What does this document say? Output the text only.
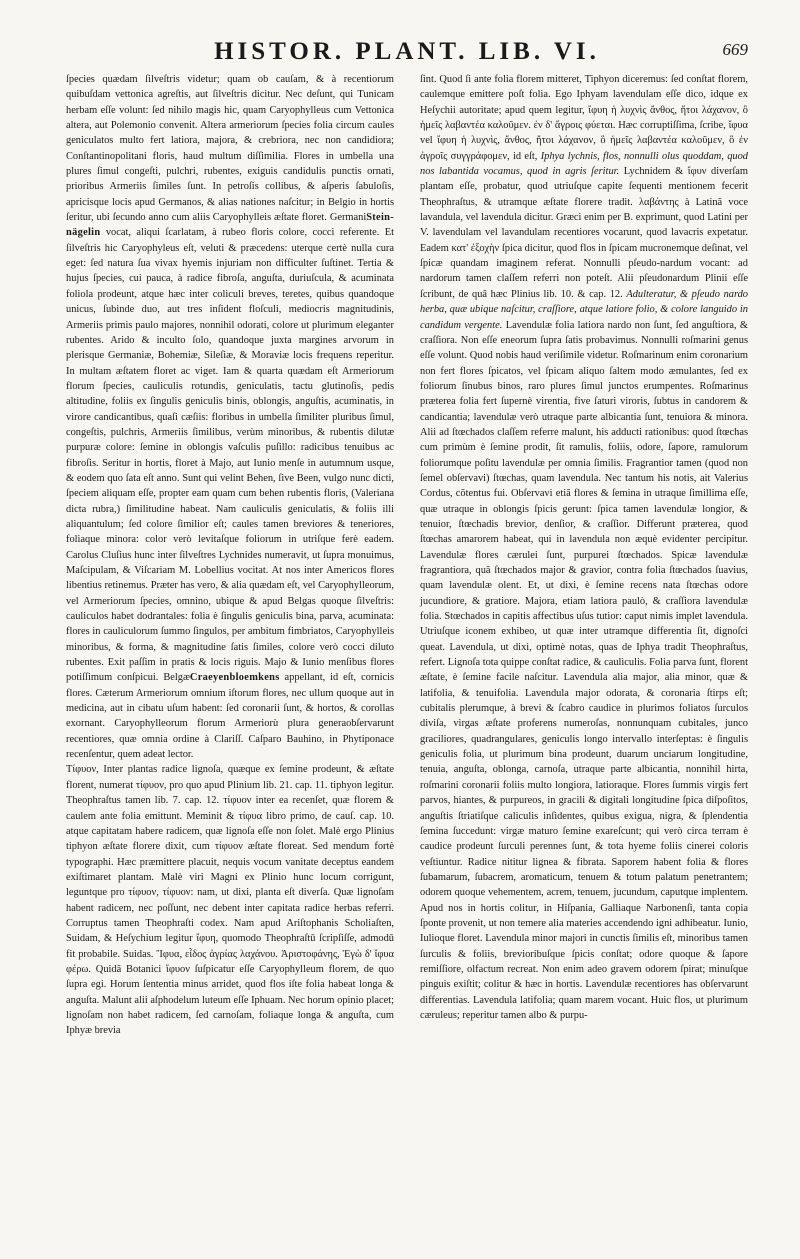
HISTOR. PLANT. LIB. VI.	669

ſpecies quædam ſilveſtris videtur; quam ob cauſam, & à recentiorum quibuſdam vettonica agreſtis, aut ſilveſtris dicitur. Nec deſunt, qui Tunicam herbam eſſe volunt: ſed nihilo magis hic, quam Caryophylleus cum Vettonica altera, aut Polemonio convenit. Altera armeriorum ſpecies folia circum caules geniculatos multo fert latiora, majora, & crebriora, nec non candidiora; Conſtantinopolitani floris, haud multum diſſimilia. Flores in umbella una plures ſimul congeſti, pulchri, rubentes, exiguis candidulis punctis ornati, prioribus Armeriis ſimiles ſunt. In petroſis collibus, & aſperis ſabuloſis, apricisque locis apud Germanos, & alias nationes naſcitur; in Belgio in hortis ſeritur, ubi ſecundo anno cum aliis Caryophylleis æſtate floret. GermaniStein-nägelin vocat, aliqui ſcarlatam, à rubeo floris colore, cocci referente. Et ſilveſtris hic Caryophyleus eſt, veluti & præcedens: uterque certè nulla cura eget: ſed natura ſua vivax hyemis injuriam non difficulter ſuſtinet. Tertia & hujus ſpecies, cui pauca, à radice fibroſa, anguſta, duriuſcula, & acuminata foliola prodeunt, atque hæc inter coliculi breves, teretes, quibus quandoque unicus, ſubinde duo, aut tres inſident floſculi, mediocris magnitudinis, Armeriis primis paulo majores, nonnihil odorati, colore ut plurimum eleganter rubentes. Arido & inculto ſolo, quandoque juxta margines arvorum in plerisque Germaniæ, Bohemiæ, Sileſiæ, & Moraviæ locis frequens reperitur. In multam æſtatem floret ac viget. Iam & quarta quædam eſt Armeriorum florum ſpecies, cauliculis rotundis, geniculatis, tactu glutinoſis, pedis altitudine, foliis ex ſingulis geniculis binis, oblongis, anguſtis, acuminatis, in virore candicantibus, quaſi cæſiis: floribus in umbella ſimiliter pluribus ſimul, congeſtis, pulchris, Armeriis ſimilibus, verùm minoribus, & rubentis dilutæ purpuræ colore: ſemine in oblongis vaſculis puſillo: radicibus tenuibus ac fibroſis. Seritur in hortis, floret à Majo, aut Iunio menſe in autumnum usque, & eodem quo ſata eſt anno. Sunt qui velint Behen, ſive Been, vulgo nunc dicti, ſpeciem aliquam eſſe, propter eam quam cum behen rubentis floris, (Valeriana dicta rubra,) ſimilitudine habeat. Nam cauliculis geniculatis, & foliis illi aliquantulum; ſed colore ſimilior eſt; caules tamen breviores & teneriores, foliaque minora: color verò levitaſque foliorum in utriſque ferè eadem. Carolus Cluſius hunc inter ſilveſtres Lychnides numeravit, ut ſupra monuimus, Maſcipulam, & Viſcariam M. Lobellius vocitat. At nos inter Americos flores libentius retinemus. Præter has vero, & alia quædam eſt, vel Caryophylleorum, vel Armeriorum ſpecies, omnino, ubique & apud Belgas quoque ſilveſtris: cauliculos habet dodrantales: folia è ſingulis geniculis bina, parva, acuminata: flores in cauliculorum ſummo ſingulos, per ambitum fimbriatos, Caryophylleis minoribus, & forma, & magnitudine ſatis ſimiles, colore verò cocci diluto rubentes. Exit paſſim in pratis & locis riguis. Majo & Iunio menſibus flores potiſſimum conſpicui. BelgæCraeyenbloemkens appellant, id eſt, cornicis flores. Cæterum Armeriorum omnium iſtorum flores, nec ullum quoque aut in medicina, aut in cibatu uſum habent: ſed coronarii ſunt, & hortos, & corollas exornant. Caryophylleorum florum Armeriorù plura generaobſervarunt recentiores, quæ omnia ordine à Clariſſ. Caſparo Bauhino, in Phytiponace recenſentur, quem adeat lector.

Τίφυον, Inter plantas radice lignoſa, quæque ex ſemine prodeunt, & æſtate florent, numerat τίφυον, pro quo apud Plinium lib. 21. cap. 11. tiphyon legitur. Theophraſtus tamen lib. 7. cap. 12. τίφυον inter ea recenſet, quæ florem & caulem ante folia emittunt. Meminit & τίφυα libro primo, de cauſ. cap. 10. atque capitatam habere radicem, quæ lignoſa eſſe non ſolet. Malè ergo Plinius tiphyon æſtate florere dixit, cum τίφυον æſtate floreat. Sed mendum fortè typographi. Hæc præmittere placuit, nequis vocum vanitate deceptus eandem exiſtimaret plantam. Malè viri Magni ex Plinio hunc locum corrigunt, leguntque pro τίφυον, τίφυον: nam, ut dixi, planta eſt diverſa. Quæ lignoſam habent radicem, nec poſſunt, nec debent inter capitata radice herbas referri. Corruptus tamen Theophraſti codex. Nam apud Ariſtophanis Scholiaſten, Suidam, & Heſychium legitur ἴφυη, quomodo Theophraſtū ſcripſiſſe, admodū fit probabile. Suidas. Ἴφυα, εἶδος ἀγρίας λαχάνου. Ἀριστοφάνης, Ἐγὼ δ' ἴφυα φέρω. Quidã Botanici ἴφυον ſuſpicatur eſſe Caryophylleum florem, de quo ſupra egi. Horum ſententia minus arridet, quod flos iſte folia habeat longa & anguſta. Malunt alii aſphodelum luteum eſſe Iphuam. Nec horum opinio placet; lignoſam non habet radicem, ſed carnoſam, foliaque longa & anguſta, cum Iphyæ brevia

ſint. Quod ſi ante folia florem mitteret, Tiphyon diceremus: ſed conſtat florem, caulemque emittere poſt folia. Ego Iphyam lavendulam eſſe dico, idque ex Heſychii autoritate; apud quem legitur, ἴφυη ἡ λυχνὶς ἄνθος, ἤτοι λάχανον, ὃ ἡμεῖς λαβαντέα καλοῦμεν. ἐν δ' ἄγροις φύεται. Hæc corruptiſſima, ſcribe, ἴφυα vel ἴφυη ἡ λυχνὶς, ἄνθος, ἤτοι λάχανον, ὃ ἡμεῖς λαβαντέα καλοῦμεν, ὃ ἐν ἀγροῖς συγγράφομεν, id eſt, Iphya lychnis, flos, nonnulli olus quoddam, quod nos labantida vocamus, quod in agris ſeritur. Lychnidem & ἴφυν diverſam plantam eſſe, probatur, quod utriuſque capite ſequenti mentionem fecerit Theophraſtus, & utramque æſtate florere tradit. λαβάντης à Latinã voce lavandula, vel lavendula dicitur. Græci enim per B. exprimunt, quod Latini per V. lavendulam vel lavandulam recentiores vocarunt, quod lavacris expetatur. Eadem κατ' ἐξοχὴν ſpica dicitur, quod flos in ſpicam mucronemque deſinat, vel ſpicæ quandam imaginem referat. Nonnulli pſeudo-nardum vocant: ad nardorum tamen claſſem referri non poteſt. Alii pſeudonardum Plinii eſſe ſcribunt, de quâ hæc Plinius lib. 10. & cap. 12. Adulteratur, & pſeudo nardo herba, quæ ubique naſcitur, craſſiore, atque latiore folio, & colore languido in candidum vergente. Lavendulæ folia latiora nardo non ſunt, ſed anguſtiora, & craſſiora. Non eſſe eneorum ſupra ſatis probavimus. Nonnulli roſmarini genus eſſe volunt. Quod nobis haud veriſimile videtur. Roſmarinum enim coronarium non fert flores ſpicatos, vel ſpicam aliquo ſaltem modo æmulantes, ſed ex foliorum ſinubus binos, raro plures ſimul junctos erumpentes. Roſmarinus præterea folia fert ſupernè virentia, five ſaturi viroris, ſubtus in candorem & candicantia; lavendulæ verò utraque parte albicantia ſunt, tenuiora & minora. Alii ad ſtœchados claſſem referre malunt, his adducti rationibus: quod ſtœchas cum primùm è ſemine prodit, ſit ramulis, foliis, odore, ſapore, ramulorum foliorumque poſitu lavendulæ per omnia ſimilis. Fragrantior tamen (quod non ſemel obſervavi) ſtœchas, quam lavendula. Nec tantum his notis, ait Valerius Cordus, cõtentus fui. Obſervavi etiã flores & ſemina in utraque ſimillima eſſe, quæ utraque in oblongis ſpicis gerunt: ſpica tamen lavendulæ longior, & tenuior, ſtœchadis brevior, denſior, & craſſior. Differunt præterea, quod ſtœchas amarorem habeat, qui in lavendula non æquè evidenter percipitur. Lavendulæ flores cærulei ſunt, purpurei ſtœchados. Spicæ lavendulæ fragrantiora, quã ſtœchados major & gravior, contra folia ſtœchados ſuavius, quam lavendulæ olent. Et, ut dixi, è ſemine recens nata ſtœchas odore jucundiore, & gratiore. Majora, etiam latiora paulò, & craſſiora lavendulæ folia. Stœchados in capitis affectibus uſus tutior: caput nimis implet lavendula. Utriuſque iconem exhibeo, ut quæ inter utramque differentia ſit, dignoſci queat. Lavendula, ut dixi, optimè notas, quas de Iphya tradit Theophraſtus, refert. Lignoſa tota quippe conſtat radice, & caulìculis. Folia parva ſunt, florent æſtate, è ſemine facile naſcitur. Lavendula alia major, alia minor, quæ & latifolia, & tenuifolia. Lavendula major odorata, & coronaria ſtirps eſt; cubitalis plerumque, à brevi & ſcabro caudice in plurimos foliatos ſurculos diviſa, virgas æſtate proferens numeroſas, nonnunquam cubitales, junco graciliores, quadrangulares, geniculis longo intervallo interſeptas: è ſingulis geniculis folia, ut plurimum bina prodeunt, duarum unciarum longitudine, tenuia, anguſta, oblonga, carnoſa, utraque parte albicantia, nonnihil hirta, roſmarini coronarii foliis multo longiora, latioraque. Flores ſummis virgis fert parvos, hiantes, & purpureos, in gracili & digitali longitudine ſpica diſpoſitos, anguſtis ſtriatiſque caliculis inſidentes, quibus exigua, nigra, & ſplendentia ſemina ſuccedunt: virgæ maturo ſemine exareſcunt; qui verò circa terram è caudice prodeunt ſurculi perennes ſunt, & tota hyeme foliis cinerei coloris veſtiuntur. Radice nititur lignea & fibrata. Saporem habent folia & flores ſubamarum, ſubacrem, aromaticum, tenuem & totum palatum penetrantem; odorem quoque vehementem, acrem, tenuem, jucundum, caputque implentem. Apud nos in hortis colitur, in Hiſpania, Galliaque Narbonenſi, tanta copia ſponte provenit, ut non temere alia materies accendendo igni adhibeatur. Iunio, Iulioque floret. Lavendula minor majori in cunctis ſimilis eſt, minoribus tamen ſurculis & foliis, brevioribuſque ſpicis conſtat; odore quoque & ſapore remiſſiore, olfactum recreat. Non enim adeo gravem odorem ſpirat; minuſque pinguis exiſtit; colitur & hæc in hortis. Lavendulæ recentiores has obſervarunt differentias. Lavendula latifolia; quam marem vocant. Huic flos, ut plurimum cæruleus; reperitur tamen albo & purpu-
